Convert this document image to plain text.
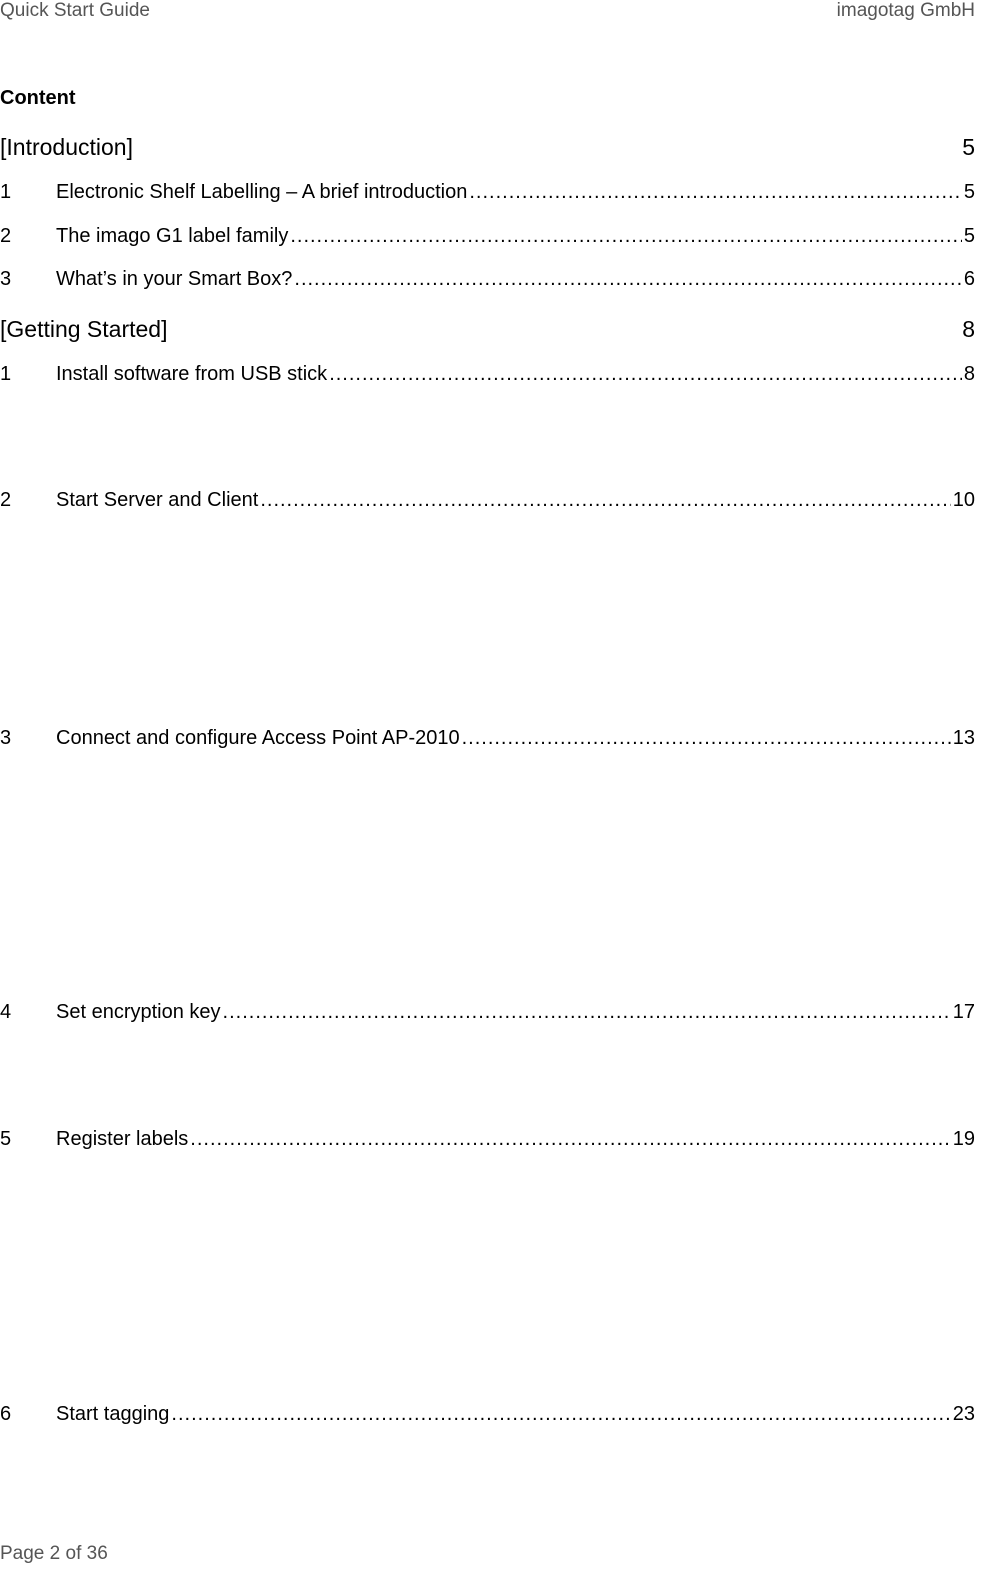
Quick Start Guide	imagotag GmbH
Content
[Introduction]	5
1	Electronic Shelf Labelling – A brief introduction .....	5
2	The imago G1 label family .....	5
3	What’s in your Smart Box? .....	6
[Getting Started]	8
1	Install software from USB stick .....	8
2	Start Server and Client .....	10
3	Connect and configure Access Point AP-2010 .....	13
4	Set encryption key .....	17
5	Register labels .....	19
6	Start tagging .....	23
Page 2 of 36
